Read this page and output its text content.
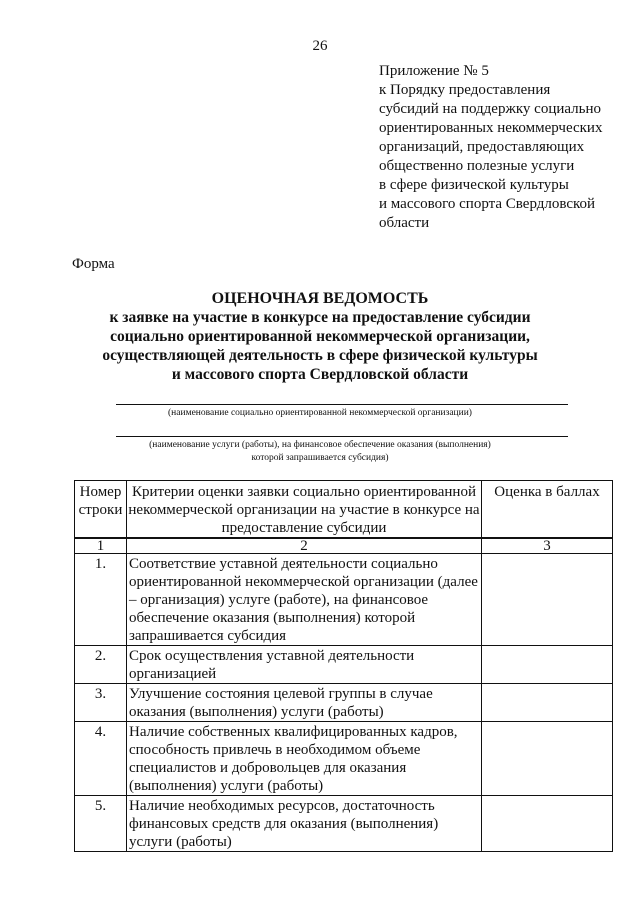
26
Приложение № 5
к Порядку предоставления
субсидий на поддержку социально
ориентированных некоммерческих
организаций, предоставляющих
общественно полезные услуги
в сфере физической культуры
и массового спорта Свердловской
области
Форма
ОЦЕНОЧНАЯ ВЕДОМОСТЬ
к заявке на участие в конкурсе на предоставление субсидии
социально ориентированной некоммерческой организации,
осуществляющей деятельность в сфере физической культуры
и массового спорта Свердловской области
(наименование социально ориентированной некоммерческой организации)
(наименование услуги (работы), на финансовое обеспечение оказания (выполнения)
которой запрашивается субсидия)
Номер строки	Критерии оценки заявки социально ориентированной некоммерческой организации на участие в конкурсе на предоставление субсидии	Оценка в баллах
1	2	3
1.	Соответствие уставной деятельности социально ориентированной некоммерческой организации (далее – организация) услуге (работе), на финансовое обеспечение оказания (выполнения) которой запрашивается субсидия	
2.	Срок осуществления уставной деятельности организацией	
3.	Улучшение состояния целевой группы в случае оказания (выполнения) услуги (работы)	
4.	Наличие собственных квалифицированных кадров, способность привлечь в необходимом объеме специалистов и добровольцев для оказания (выполнения) услуги (работы)	
5.	Наличие необходимых ресурсов, достаточность финансовых средств для оказания (выполнения) услуги (работы)	
